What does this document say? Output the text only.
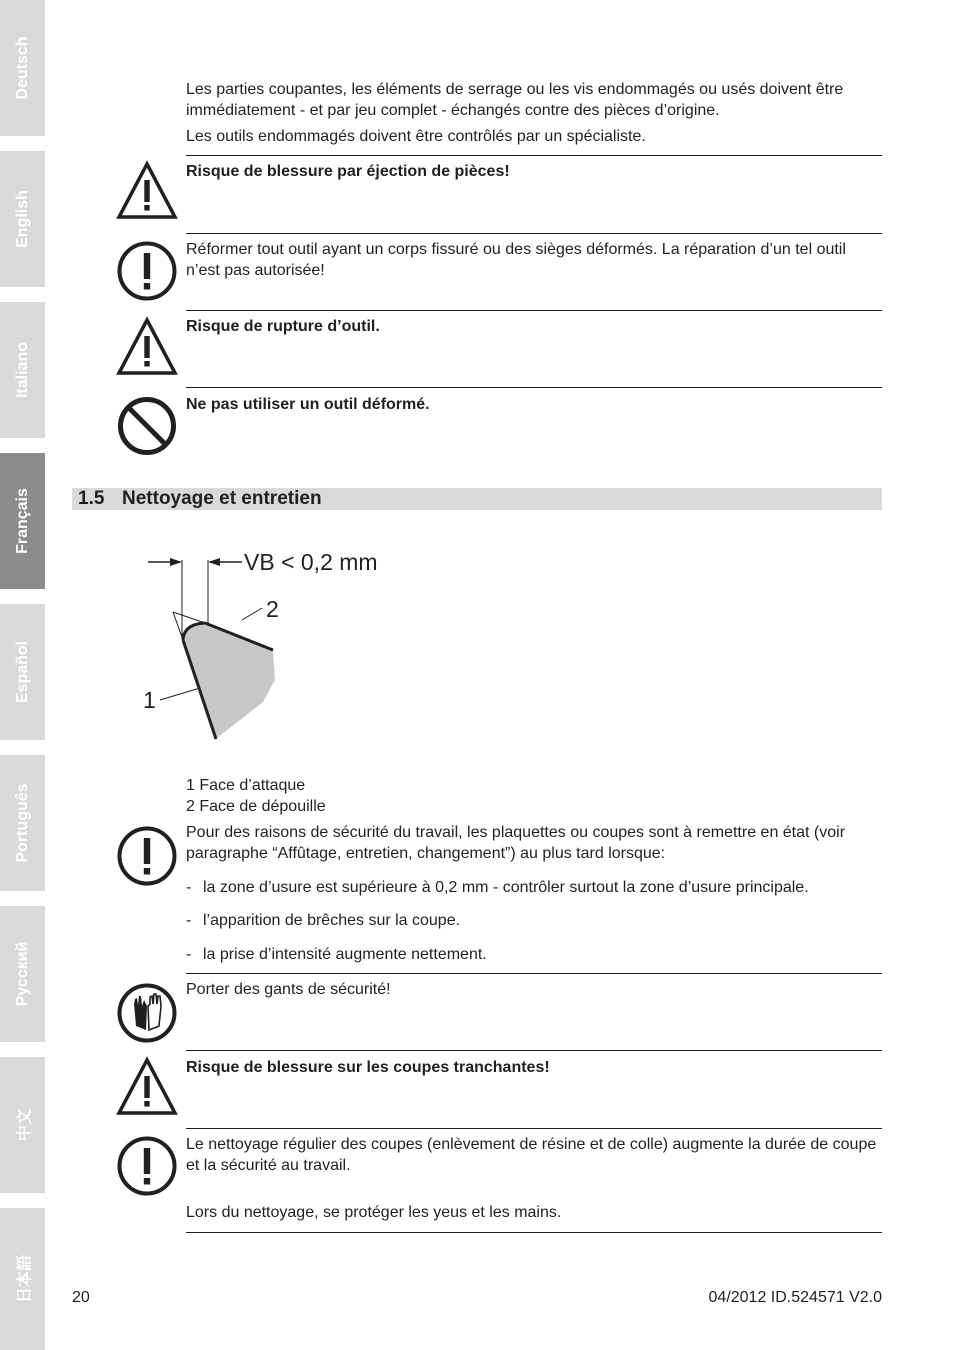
Deutsch
English
Italiano
Français
Español
Português
Русский
中文
日本語
Les parties coupantes, les éléments de serrage ou les vis endommagés ou usés doivent être immédiatement - et par jeu complet - échangés contre des pièces d’origine.
Les outils endommagés doivent être contrôlés par un spécialiste.
Risque de blessure par éjection de pièces!
Réformer tout outil ayant un corps fissuré ou des sièges déformés. La réparation d’un tel outil n’est pas autorisée!
Risque de rupture d’outil.
Ne pas utiliser un outil déformé.
1.5 Nettoyage et entretien
VB < 0,2 mm
1
2
1 Face d’attaque
2 Face de dépouille
Pour des raisons de sécurité du travail, les plaquettes ou coupes sont à remettre en état (voir paragraphe “Affûtage, entretien, changement”) au plus tard lorsque:
- la zone d’usure est supérieure à 0,2 mm - contrôler surtout la zone d’usure principale.
- l’apparition de brêches sur la coupe.
- la prise d’intensité augmente nettement.
Porter des gants de sécurité!
Risque de blessure sur les coupes tranchantes!
Le nettoyage régulier des coupes (enlèvement de résine et de colle) augmente la durée de coupe et la sécurité au travail.
Lors du nettoyage, se protéger les yeus et les mains.
20	04/2012 ID.524571 V2.0
